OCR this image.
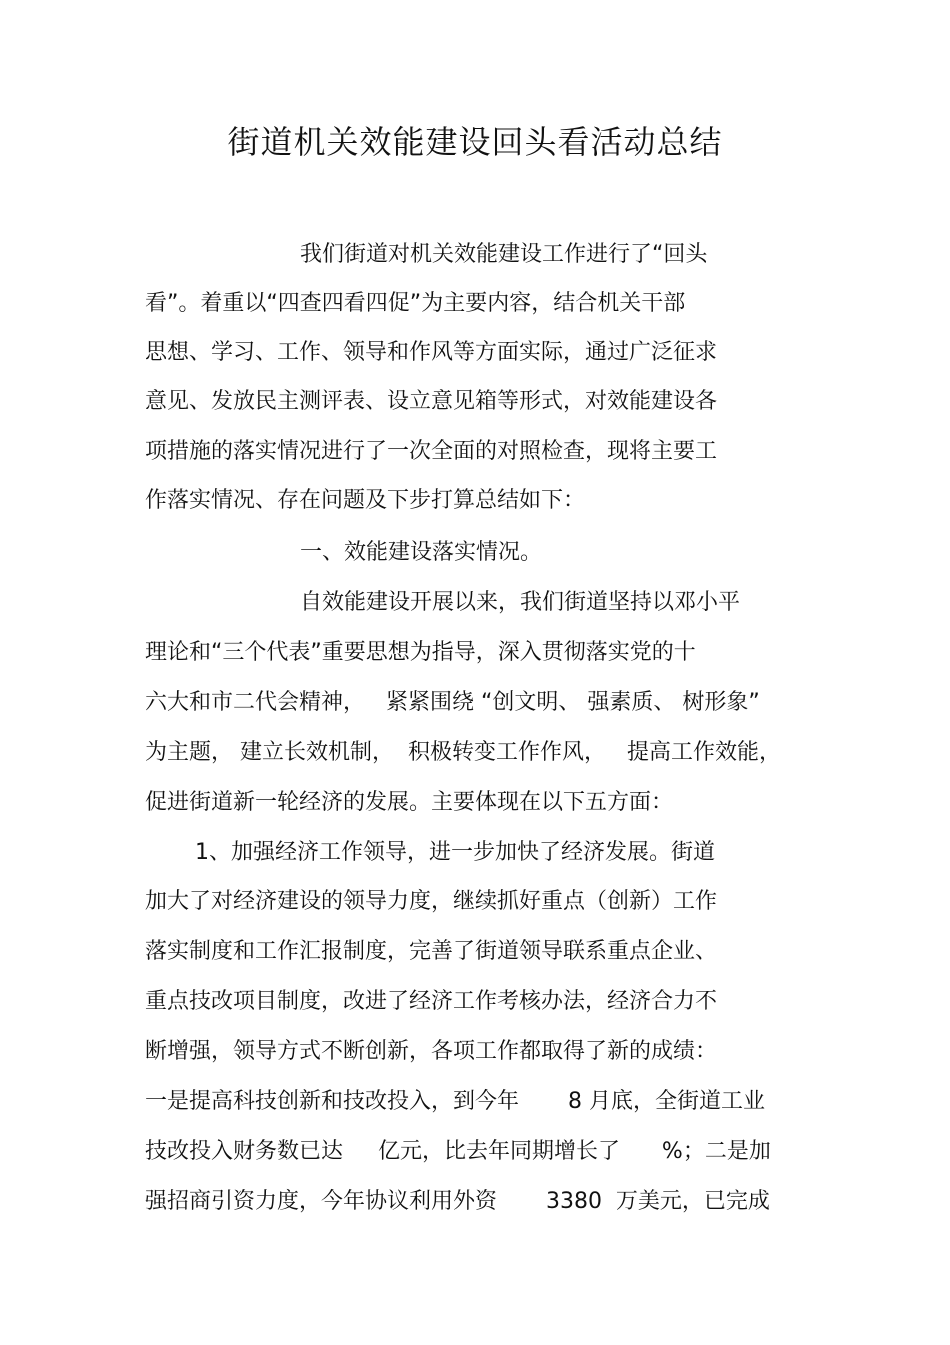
街道机关效能建设回头看活动总结
我们街道对机关效能建设工作进行了“回头
看”。着重以“四查四看四促”为主要内容，结合机关干部
思想、学习、工作、领导和作风等方面实际，通过广泛征求
意见、发放民主测评表、设立意见箱等形式，对效能建设各
项措施的落实情况进行了一次全面的对照检查，现将主要工
作落实情况、存在问题及下步打算总结如下：
一、效能建设落实情况。
自效能建设开展以来，我们街道坚持以邓小平
理论和“三个代表”重要思想为指导，深入贯彻落实党的十
六大和市二代会精神，   紧紧围绕 “创文明、 强素质、 树形象”
为主题， 建立长效机制，  积极转变工作作风，   提高工作效能，
促进街道新一轮经济的发展。主要体现在以下五方面：
1、加强经济工作领导，进一步加快了经济发展。街道
加大了对经济建设的领导力度，继续抓好重点（创新）工作
落实制度和工作汇报制度，完善了街道领导联系重点企业、
重点技改项目制度，改进了经济工作考核办法，经济合力不
断增强，领导方式不断创新，各项工作都取得了新的成绩：
一是提高科技创新和技改投入，到今年       8 月底，全街道工业
技改投入财务数已达     亿元，比去年同期增长了      %；二是加
强招商引资力度，今年协议利用外资       3380  万美元，已完成
